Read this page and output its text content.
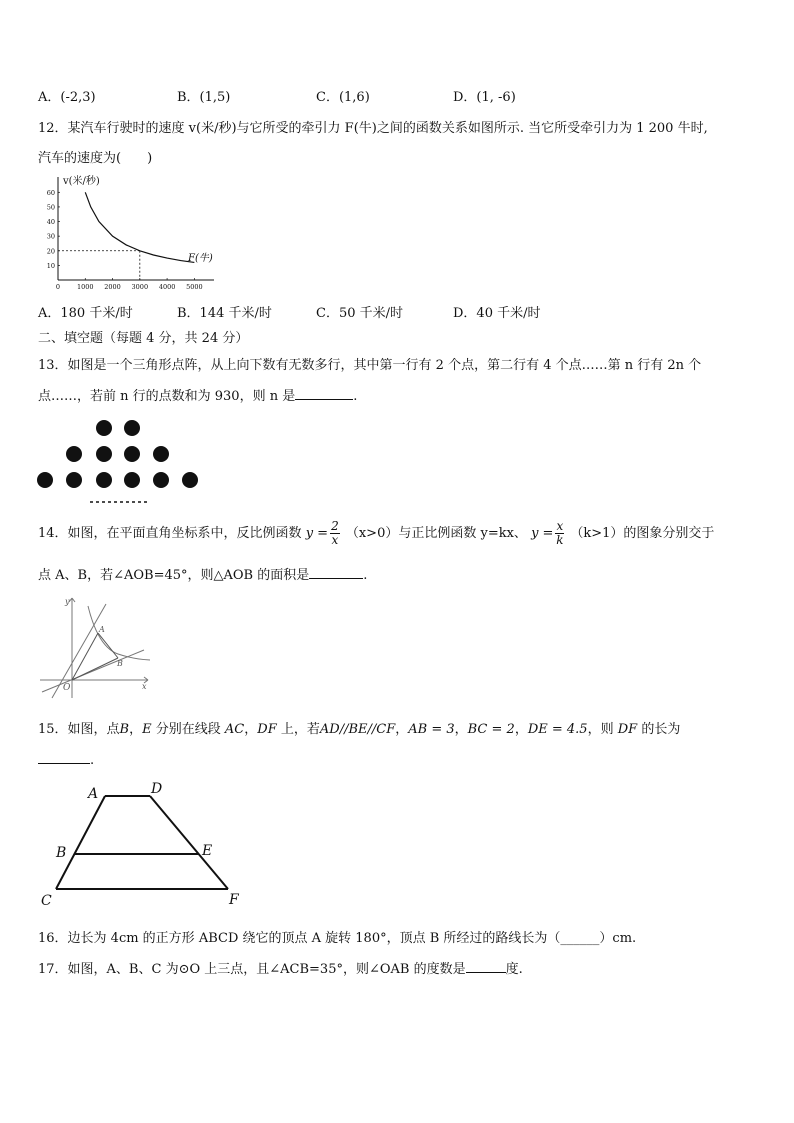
A．(-2,3)	B．(1,5)	C．(1,6)	D．(1, -6)
12．某汽车行驶时的速度 v(米/秒)与它所受的牵引力 F(牛)之间的函数关系如图所示. 当它所受牵引力为 1 200 牛时,
汽车的速度为(　　)
0	1000 2000 3000 4000 5000
10
20
30
40
50
60
v(米/秒)
F(牛)
A．180 千米/时	B．144 千米/时	C．50 千米/时	D．40 千米/时
二、填空题（每题 4 分，共 24 分）
13．如图是一个三角形点阵，从上向下数有无数多行，其中第一行有 2 个点，第二行有 4 个点……第 n 行有 2n 个
点……，若前 n 行的点数和为 930，则 n 是	.
14．如图，在平面直角坐标系中，反比例函数 $y = \frac{2}{x} (x>0)$与正比例函数 y=kx、 $y = \frac{x}{k} (k>1)$的图象分别交于
点 A、B，若∠AOB=45°，则△AOB 的面积是	.
y
x
O
A
B
15．如图，点B，E 分别在线段 AC，DF 上，若AD//BE//CF，AB = 3，BC = 2，DE = 4.5，则 DF 的长为
.
A	D
B	E
C	F
16．边长为 4cm 的正方形 ABCD 绕它的顶点 A 旋转 180°，顶点 B 所经过的路线长为（______）cm.
17．如图，A、B、C 为⊙O 上三点，且∠ACB=35°，则∠OAB 的度数是	度.
